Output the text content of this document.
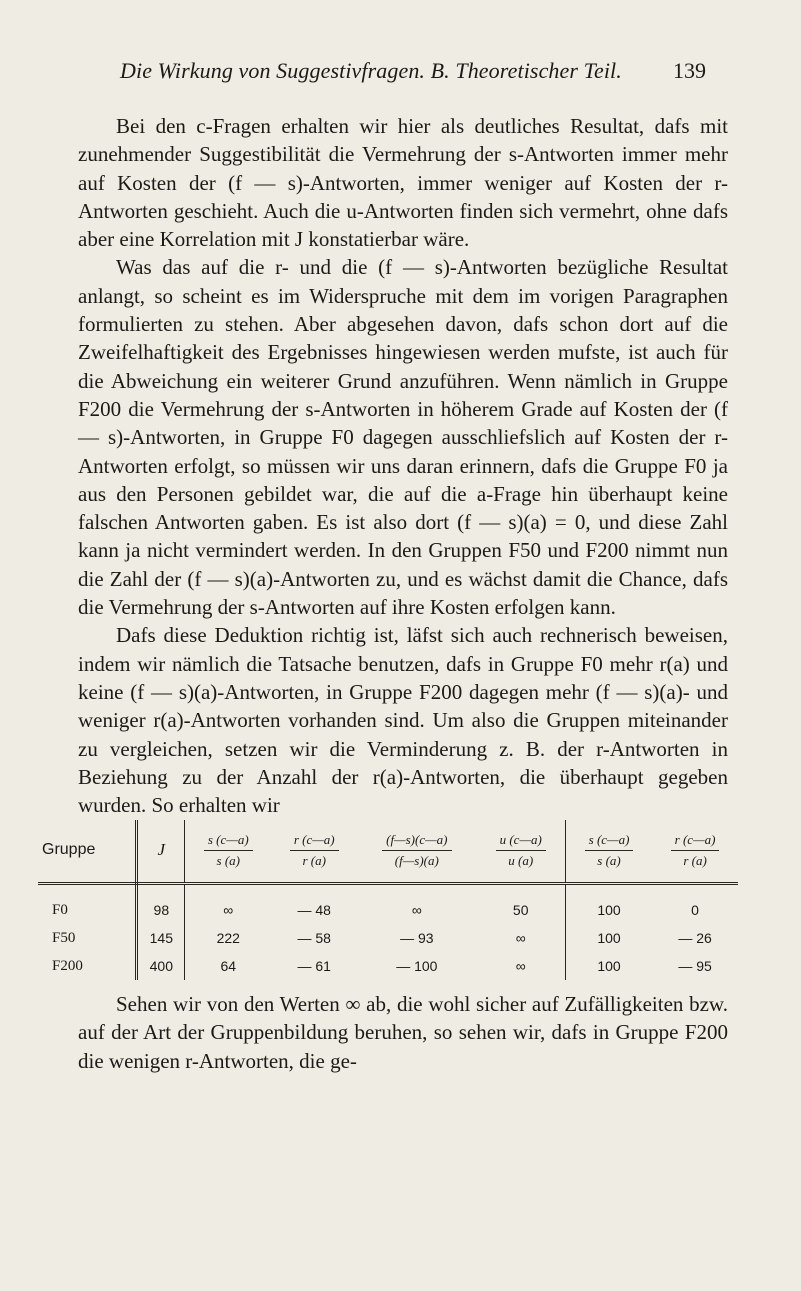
Die Wirkung von Suggestivfragen. B. Theoretischer Teil. 139

Bei den c-Fragen erhalten wir hier als deutliches Resultat, dafs mit zunehmender Suggestibilität die Vermehrung der s-Antworten immer mehr auf Kosten der (f — s)-Antworten, immer weniger auf Kosten der r-Antworten geschieht. Auch die u-Antworten finden sich vermehrt, ohne dafs aber eine Korrelation mit J konstatierbar wäre.

Was das auf die r- und die (f — s)-Antworten bezügliche Resultat anlangt, so scheint es im Widerspruche mit dem im vorigen Paragraphen formulierten zu stehen. Aber abgesehen davon, dafs schon dort auf die Zweifelhaftigkeit des Ergebnisses hingewiesen werden mufste, ist auch für die Abweichung ein weiterer Grund anzuführen. Wenn nämlich in Gruppe F200 die Vermehrung der s-Antworten in höherem Grade auf Kosten der (f — s)-Antworten, in Gruppe F0 dagegen ausschliefslich auf Kosten der r-Antworten erfolgt, so müssen wir uns daran erinnern, dafs die Gruppe F0 ja aus den Personen gebildet war, die auf die a-Frage hin überhaupt keine falschen Antworten gaben. Es ist also dort (f — s)(a) = 0, und diese Zahl kann ja nicht vermindert werden. In den Gruppen F50 und F200 nimmt nun die Zahl der (f — s)(a)-Antworten zu, und es wächst damit die Chance, dafs die Vermehrung der s-Antworten auf ihre Kosten erfolgen kann.

Dafs diese Deduktion richtig ist, läfst sich auch rechnerisch beweisen, indem wir nämlich die Tatsache benutzen, dafs in Gruppe F0 mehr r(a) und keine (f — s)(a)-Antworten, in Gruppe F200 dagegen mehr (f — s)(a)- und weniger r(a)-Antworten vorhanden sind. Um also die Gruppen miteinander zu vergleichen, setzen wir die Verminderung z. B. der r-Antworten in Beziehung zu der Anzahl der r(a)-Antworten, die überhaupt gegeben wurden. So erhalten wir

Gruppe	J	$\frac{s (c—a)}{s (a)}$	$\frac{r (c—a)}{r (a)}$	$\frac{(f—s)(c—a)}{(f—s)(a)}$	$\frac{u (c—a)}{u (a)}$	$\frac{s (c—a)}{s (a)}$	$\frac{r (c—a)}{r (a)}$

F0	98	∞	— 48	∞	50	100	0
F50	145	222	— 58	— 93	∞	100	— 26
F200	400	64	— 61	— 100	∞	100	— 95

Sehen wir von den Werten ∞ ab, die wohl sicher auf Zufälligkeiten bzw. auf der Art der Gruppenbildung beruhen, so sehen wir, dafs in Gruppe F200 die wenigen r-Antworten, die ge-
